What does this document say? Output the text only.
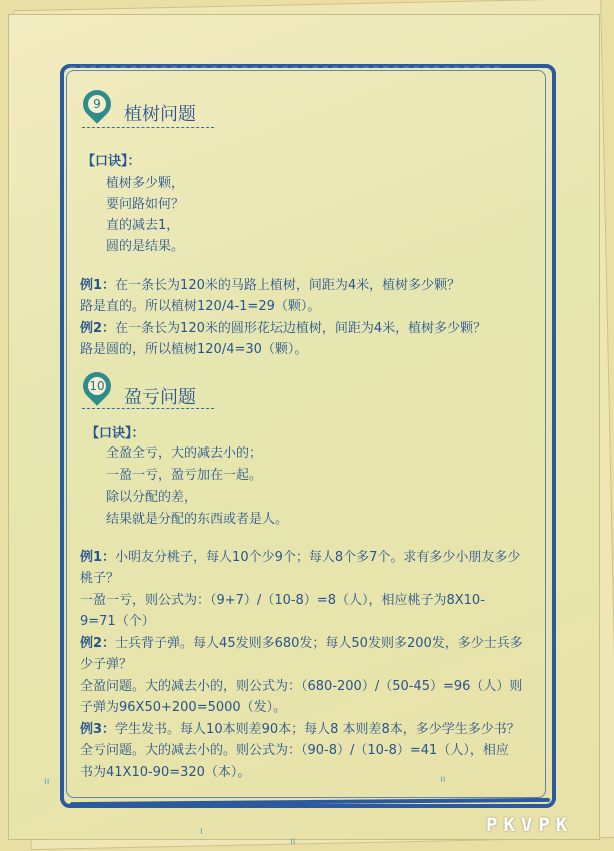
9	植树问题
【口诀】：
植树多少颗，
要问路如何？
直的减去1，
圆的是结果。
例1：在一条长为120米的马路上植树，间距为4米，植树多少颗？
路是直的。所以植树120/4-1=29（颗）。
例2：在一条长为120米的圆形花坛边植树，间距为4米，植树多少颗？
路是圆的，所以植树120/4=30（颗）。
10
盈亏问题
【口诀】：
全盈全亏，大的减去小的；
一盈一亏，盈亏加在一起。
除以分配的差，
结果就是分配的东西或者是人。
例1：小明友分桃子，每人10个少9个；每人8个多7个。求有多少小朋友多少
桃子？
一盈一亏，则公式为：（9+7）/（10-8）=8（人），相应桃子为8X10-
9=71（个）
例2：士兵背子弹。每人45发则多680发；每人50发则多200发，多少士兵多
少子弹？
全盈问题。大的减去小的，则公式为：（680-200）/（50-45）=96（人）则
子弹为96X50+200=5000（发）。
例3：学生发书。每人10本则差90本；每人8 本则差8本，多少学生多少书？
全亏问题。大的减去小的。则公式为：（90-8）/（10-8）=41（人），相应
书为41X10-90=320（本）。
ıı	ıı
ı
ıı
PKVPK
